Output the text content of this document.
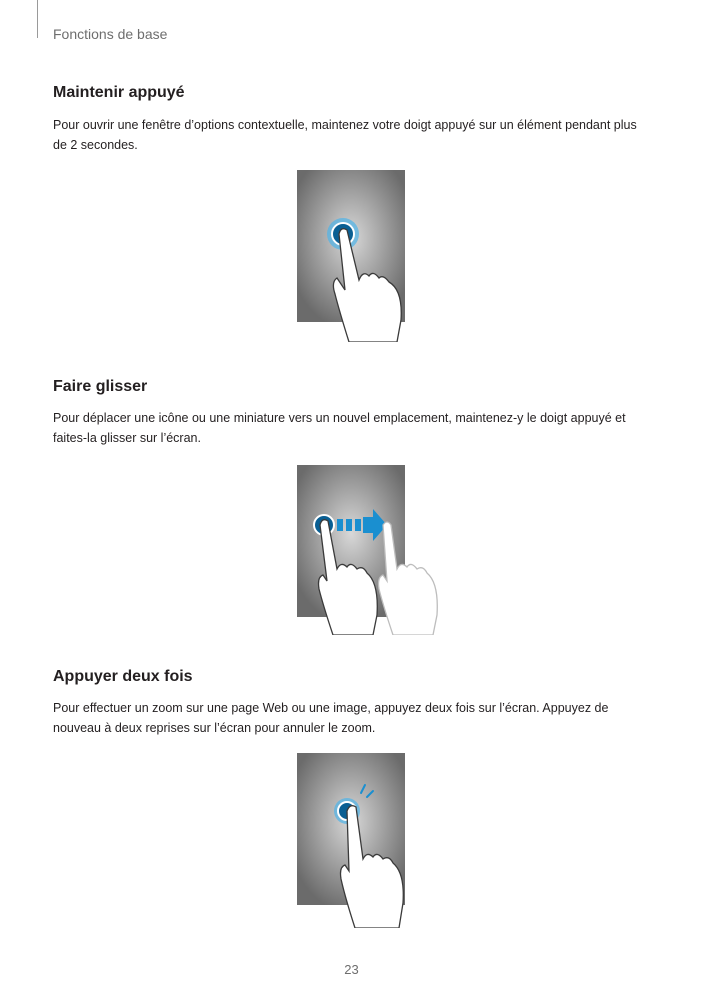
Fonctions de base
Maintenir appuyé
Pour ouvrir une fenêtre d’options contextuelle, maintenez votre doigt appuyé sur un élément pendant plus de 2 secondes.
Faire glisser
Pour déplacer une icône ou une miniature vers un nouvel emplacement, maintenez-y le doigt appuyé et faites-la glisser sur l’écran.
Appuyer deux fois
Pour effectuer un zoom sur une page Web ou une image, appuyez deux fois sur l’écran. Appuyez de nouveau à deux reprises sur l’écran pour annuler le zoom.
23
